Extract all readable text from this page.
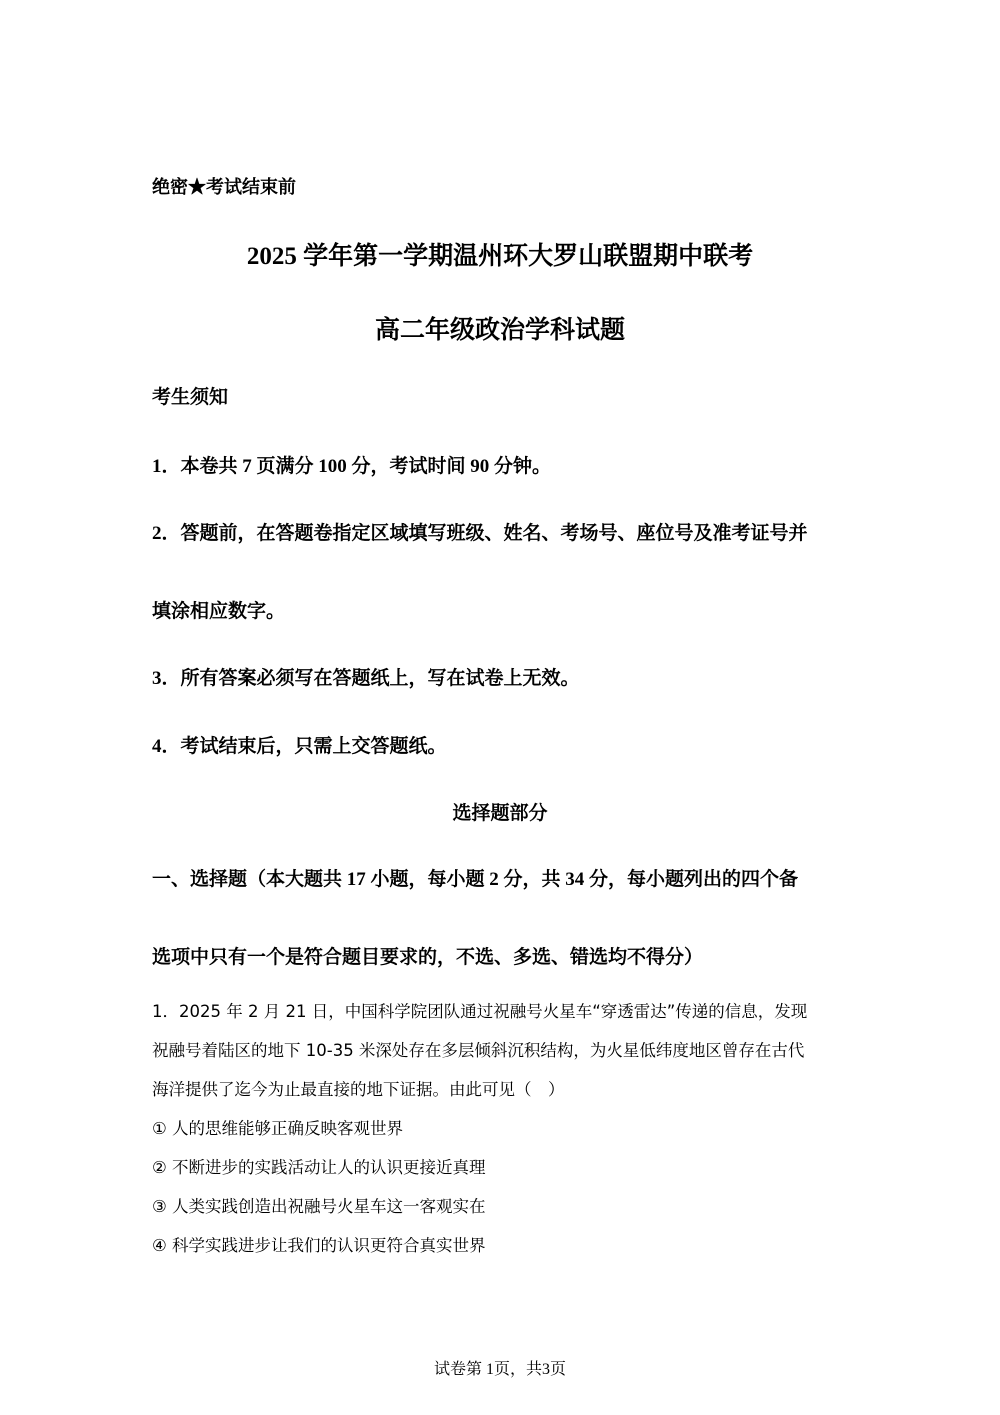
绝密★考试结束前
2025 学年第一学期温州环大罗山联盟期中联考
高二年级政治学科试题
考生须知
1．本卷共 7 页满分 100 分，考试时间 90 分钟。
2．答题前，在答题卷指定区域填写班级、姓名、考场号、座位号及准考证号并
填涂相应数字。
3．所有答案必须写在答题纸上，写在试卷上无效。
4．考试结束后，只需上交答题纸。
选择题部分
一、选择题（本大题共 17 小题，每小题 2 分，共 34 分，每小题列出的四个备
选项中只有一个是符合题目要求的，不选、多选、错选均不得分）
1．2025 年 2 月 21 日，中国科学院团队通过祝融号火星车“穿透雷达”传递的信息，发现
祝融号着陆区的地下 10-35 米深处存在多层倾斜沉积结构，为火星低纬度地区曾存在古代
海洋提供了迄今为止最直接的地下证据。由此可见（　）
① 人的思维能够正确反映客观世界
② 不断进步的实践活动让人的认识更接近真理
③ 人类实践创造出祝融号火星车这一客观实在
④ 科学实践进步让我们的认识更符合真实世界
试卷第 1页，共3页
